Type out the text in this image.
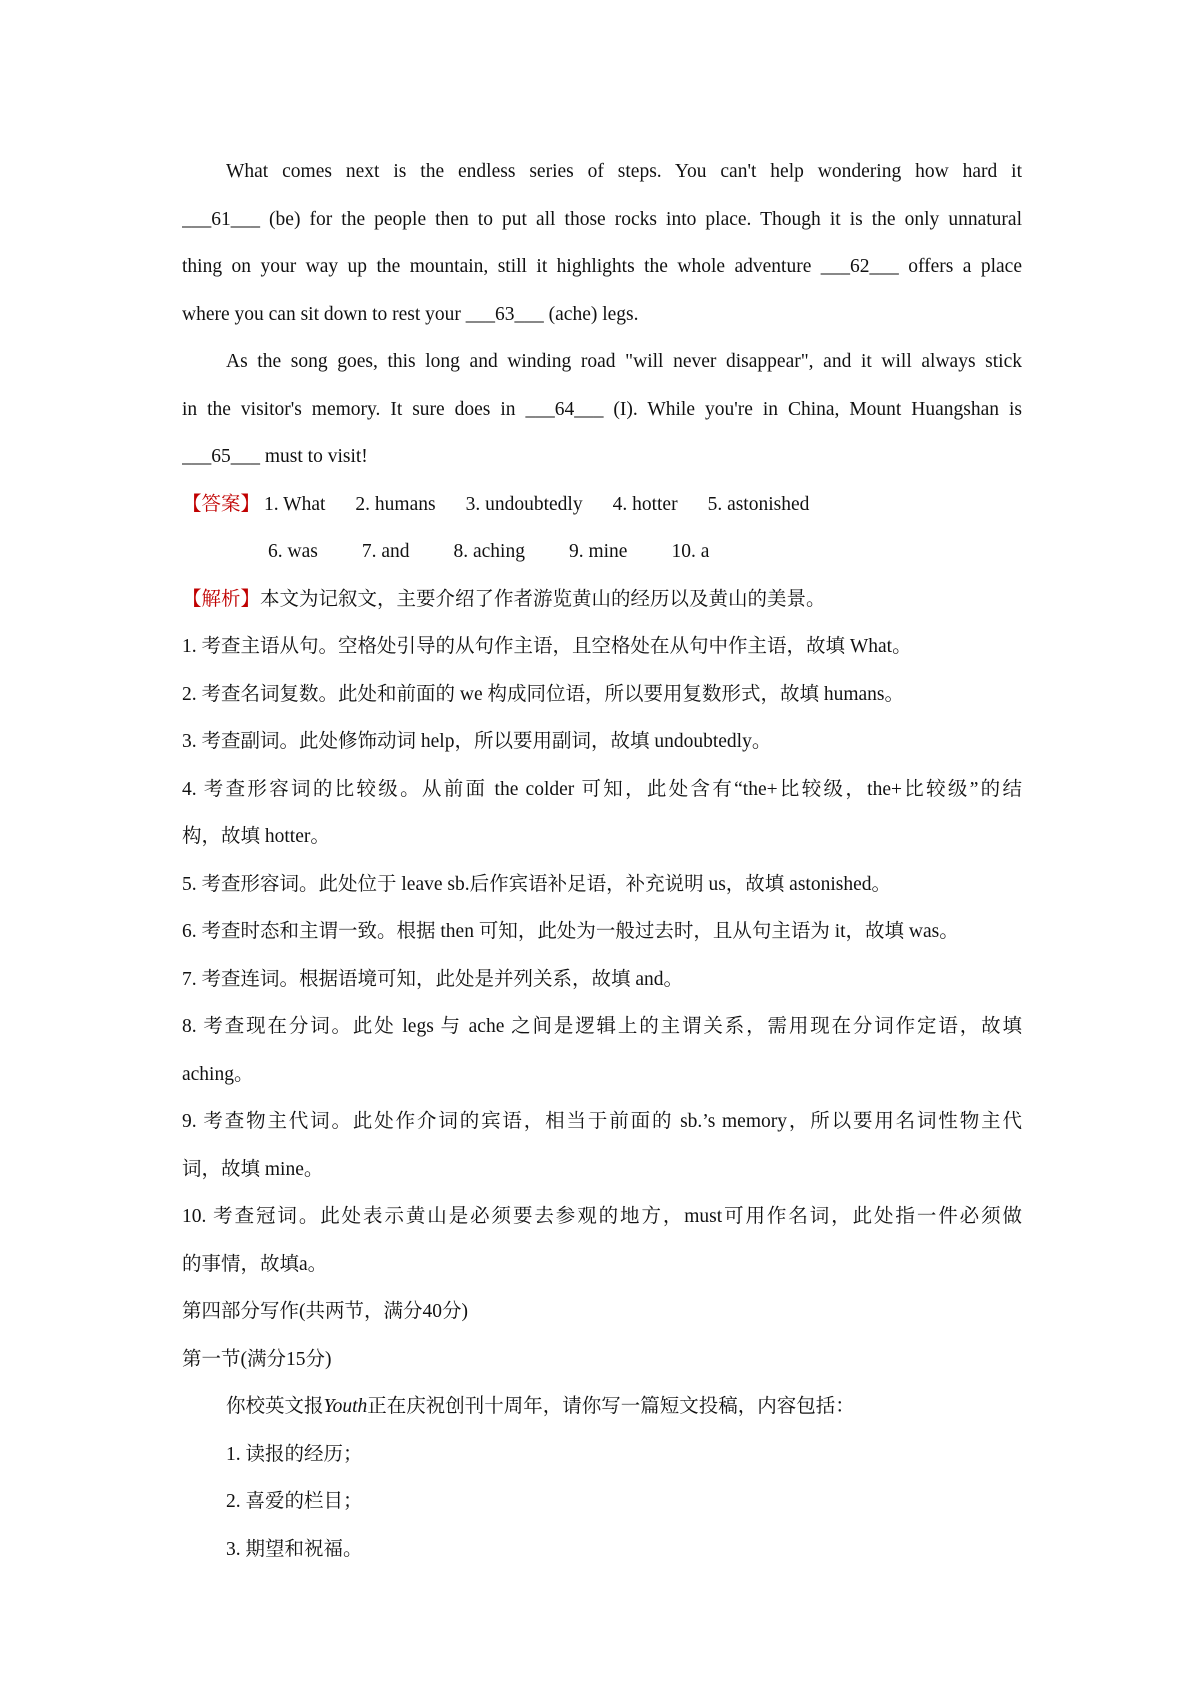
What comes next is the endless series of steps. You can't help wondering how hard it
___61___ (be) for the people then to put all those rocks into place. Though it is the only unnatural
thing on your way up the mountain, still it highlights the whole adventure ___62___ offers a place
where you can sit down to rest your ___63___ (ache) legs.
As the song goes, this long and winding road "will never disappear", and it will always stick
in the visitor's memory. It sure does in ___64___ (I). While you're in China, Mount Huangshan is
___65___ must to visit!
【答案】 1. What 2. humans 3. undoubtedly 4. hotter 5. astonished
6. was 7. and 8. aching 9. mine 10. a
【解析】本文为记叙文，主要介绍了作者游览黄山的经历以及黄山的美景。
1. 考查主语从句。空格处引导的从句作主语，且空格处在从句中作主语，故填 What。
2. 考查名词复数。此处和前面的 we 构成同位语，所以要用复数形式，故填 humans。
3. 考查副词。此处修饰动词 help，所以要用副词，故填 undoubtedly。
4. 考查形容词的比较级。从前面 the colder 可知，此处含有“the+比较级，the+比较级”的结
构，故填 hotter。
5. 考查形容词。此处位于 leave sb.后作宾语补足语，补充说明 us，故填 astonished。
6. 考查时态和主谓一致。根据 then 可知，此处为一般过去时，且从句主语为 it，故填 was。
7. 考查连词。根据语境可知，此处是并列关系，故填 and。
8. 考查现在分词。此处 legs 与 ache 之间是逻辑上的主谓关系，需用现在分词作定语，故填
aching。
9. 考查物主代词。此处作介词的宾语，相当于前面的 sb.’s memory，所以要用名词性物主代
词，故填 mine。
10. 考查冠词。此处表示黄山是必须要去参观的地方，must可用作名词，此处指一件必须做
的事情，故填a。
第四部分写作(共两节，满分40分)
第一节(满分15分)
你校英文报Youth正在庆祝创刊十周年，请你写一篇短文投稿，内容包括：
1. 读报的经历；
2. 喜爱的栏目；
3. 期望和祝福。
